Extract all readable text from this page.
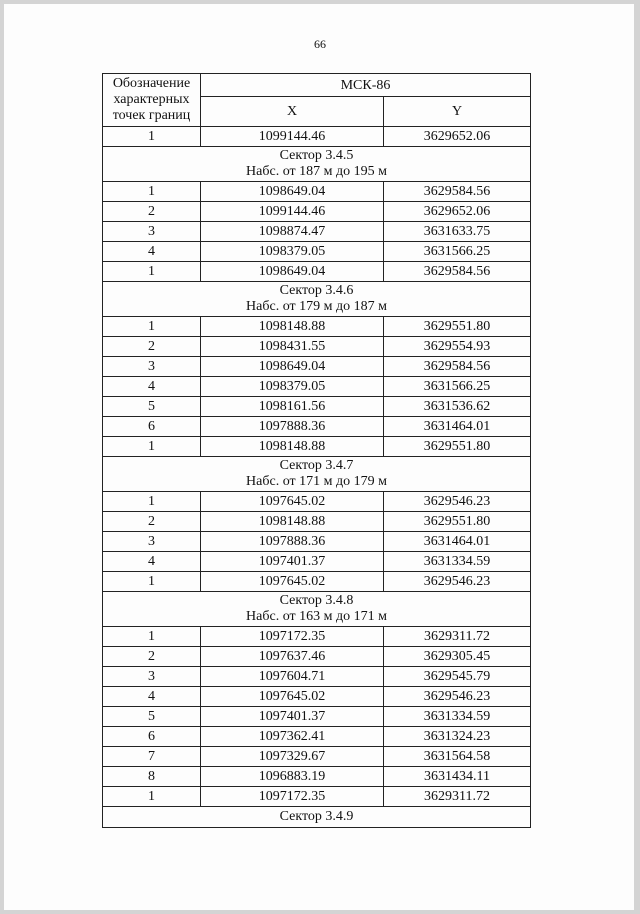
66
Обозначение характерных точек границ	МСК-86	
	X	Y
1	1099144.46	3629652.06

Сектор 3.4.5
Набс. от 187 м до 195 м		

1	1098649.04	3629584.56
2	1099144.46	3629652.06
3	1098874.47	3631633.75
4	1098379.05	3631566.25
1	1098649.04	3629584.56

Сектор 3.4.6
Набс. от 179 м до 187 м		

1	1098148.88	3629551.80
2	1098431.55	3629554.93
3	1098649.04	3629584.56
4	1098379.05	3631566.25
5	1098161.56	3631536.62
6	1097888.36	3631464.01
1	1098148.88	3629551.80

Сектор 3.4.7
Набс. от 171 м до 179 м		

1	1097645.02	3629546.23
2	1098148.88	3629551.80
3	1097888.36	3631464.01
4	1097401.37	3631334.59
1	1097645.02	3629546.23

Сектор 3.4.8
Набс. от 163 м до 171 м		

1	1097172.35	3629311.72
2	1097637.46	3629305.45
3	1097604.71	3629545.79
4	1097645.02	3629546.23
5	1097401.37	3631334.59
6	1097362.41	3631324.23
7	1097329.67	3631564.58
8	1096883.19	3631434.11
1	1097172.35	3629311.72

Сектор 3.4.9		
